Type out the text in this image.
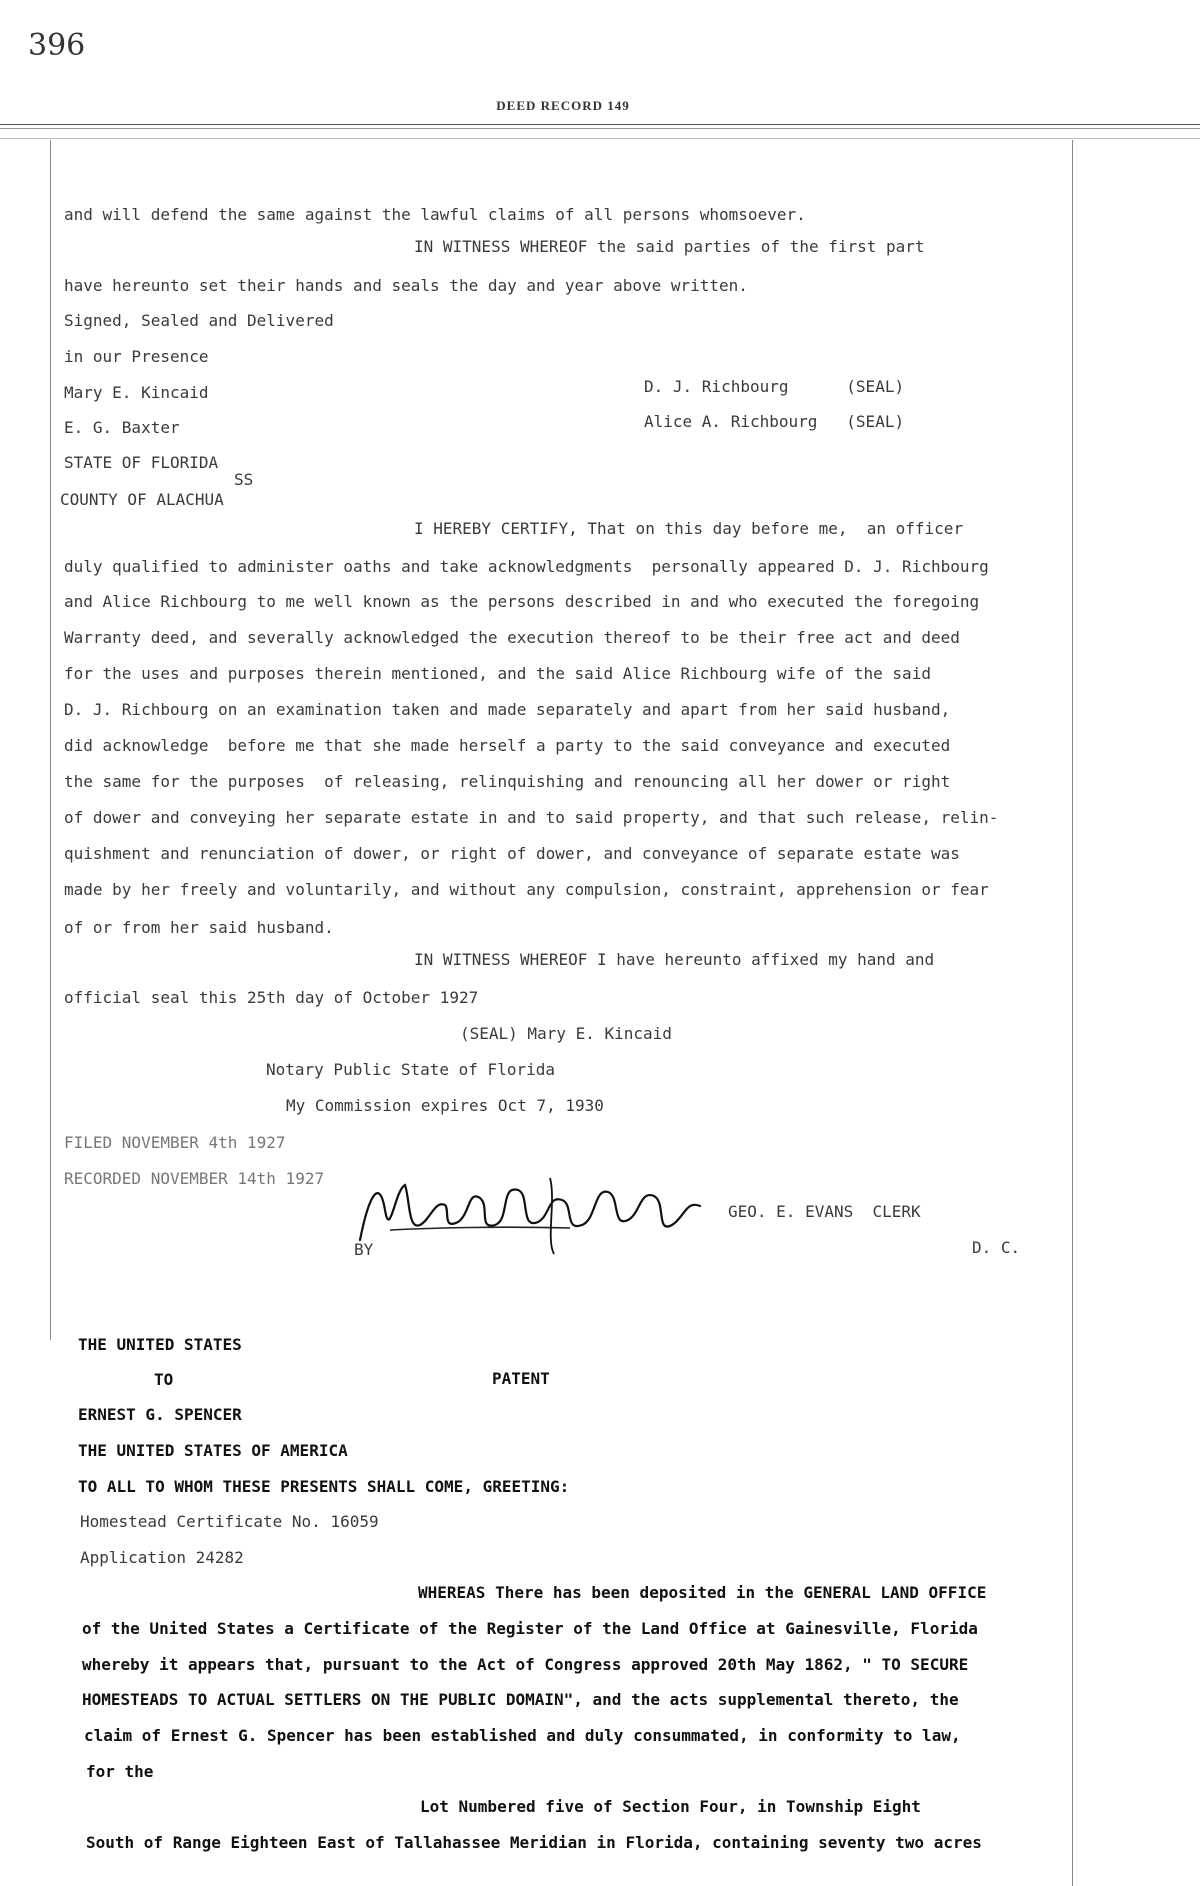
396
DEED RECORD 149
and will defend the same against the lawful claims of all persons whomsoever.
IN WITNESS WHEREOF the said parties of the first part
have hereunto set their hands and seals the day and year above written.
Signed, Sealed and Delivered
in our Presence
Mary E. Kincaid	D. J. Richbourg      (SEAL)
E. G. Baxter	Alice A. Richbourg   (SEAL)
STATE OF FLORIDA
SS
COUNTY OF ALACHUA
I HEREBY CERTIFY, That on this day before me,  an officer
duly qualified to administer oaths and take acknowledgments  personally appeared D. J. Richbourg
and Alice Richbourg to me well known as the persons described in and who executed the foregoing
Warranty deed, and severally acknowledged the execution thereof to be their free act and deed
for the uses and purposes therein mentioned, and the said Alice Richbourg wife of the said
D. J. Richbourg on an examination taken and made separately and apart from her said husband,
did acknowledge  before me that she made herself a party to the said conveyance and executed
the same for the purposes  of releasing, relinquishing and renouncing all her dower or right
of dower and conveying her separate estate in and to said property, and that such release, relin-
quishment and renunciation of dower, or right of dower, and conveyance of separate estate was
made by her freely and voluntarily, and without any compulsion, constraint, apprehension or fear
of or from her said husband.
IN WITNESS WHEREOF I have hereunto affixed my hand and
official seal this 25th day of October 1927
(SEAL) Mary E. Kincaid
Notary Public State of Florida
My Commission expires Oct 7, 1930
FILED NOVEMBER 4th 1927
RECORDED NOVEMBER 14th 1927
GEO. E. EVANS  CLERK
BY	D. C.
THE UNITED STATES
TO	PATENT
ERNEST G. SPENCER
THE UNITED STATES OF AMERICA
TO ALL TO WHOM THESE PRESENTS SHALL COME, GREETING:
Homestead Certificate No. 16059
Application 24282
WHEREAS There has been deposited in the GENERAL LAND OFFICE
of the United States a Certificate of the Register of the Land Office at Gainesville, Florida
whereby it appears that, pursuant to the Act of Congress approved 20th May 1862, " TO SECURE
HOMESTEADS TO ACTUAL SETTLERS ON THE PUBLIC DOMAIN", and the acts supplemental thereto, the
claim of Ernest G. Spencer has been established and duly consummated, in conformity to law,
for the
Lot Numbered five of Section Four, in Township Eight
South of Range Eighteen East of Tallahassee Meridian in Florida, containing seventy two acres
